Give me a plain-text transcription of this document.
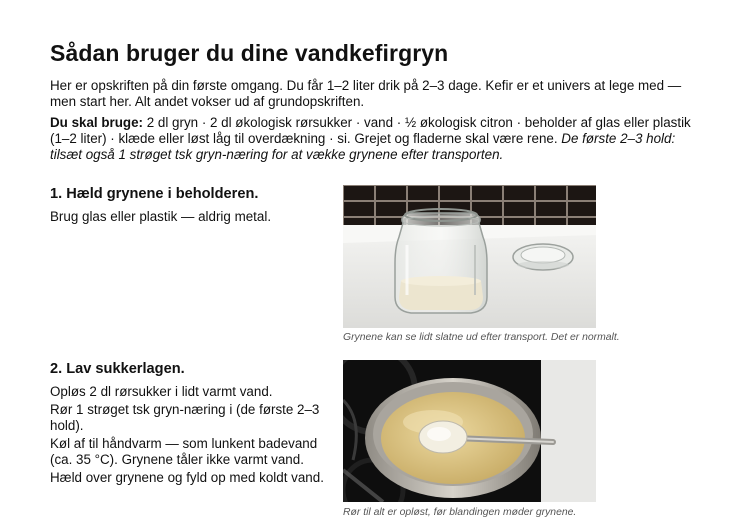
Sådan bruger du dine vandkefirgryn

Her er opskriften på din første omgang. Du får 1–2 liter drik på 2–3 dage. Kefir er et univers at lege med — men start her. Alt andet vokser ud af grundopskriften.

Du skal bruge: 2 dl gryn · 2 dl økologisk rørsukker · vand · ½ økologisk citron · beholder af glas eller plastik (1–2 liter) · klæde eller løst låg til overdækning · si. Grejet og fladerne skal være rene. De første 2–3 hold: tilsæt også 1 strøget tsk gryn-næring for at vække grynene efter transporten.

1. Hæld grynene i beholderen.

Brug glas eller plastik — aldrig metal.

Grynene kan se lidt slatne ud efter transport. Det er normalt.
2. Lav sukkerlagen.

Opløs 2 dl rørsukker i lidt varmt vand.

Rør 1 strøget tsk gryn-næring i (de første 2–3 hold).

Køl af til håndvarm — som lunkent badevand (ca. 35 °C). Grynene tåler ikke varmt vand.

Hæld over grynene og fyld op med koldt vand.

Rør til alt er opløst, før blandingen møder grynene.
